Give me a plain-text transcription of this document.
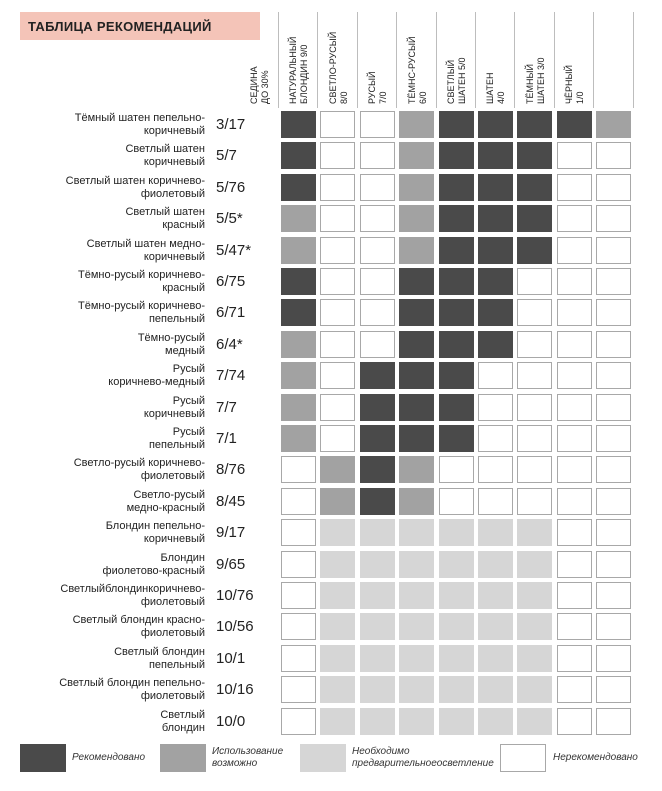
ТАБЛИЦА РЕКОМЕНДАЦИЙ
СЕДИНА ДО 30% НАТУРАЛЬНЫЙ БЛОНДИН 9/0 СВЕТЛО-РУСЫЙ 8/0 РУСЫЙ 7/0 ТЁМНС-РУСЫЙ 6/0 СВЕТЛЫЙ ШАТЕН 5/0 ШАТЕН 4/0 ТЁМНЫЙ ШАТЕН 3/0 ЧЁРНЫЙ 1/0
Тёмный шатен пепельно-
коричневый 3/17
Светлый шатен
коричневый 5/7
Светлый шатен коричнево-
фиолетовый 5/76
Светлый шатен
красный 5/5*
Светлый шатен медно-
коричневый 5/47*
Тёмно-русый коричнево-
красный 6/75
Тёмно-русый коричнево-
пепельный 6/71
Тёмно-русый
медный 6/4*
Русый
коричнево-медный 7/74
Русый
коричневый 7/7
Русый
пепельный 7/1
Светло-русый коричнево-
фиолетовый 8/76
Светло-русый
медно-красный 8/45
Блондин пепельно-
коричневый 9/17
Блондин
фиолетово-красный 9/65
Светлыйблондинкоричнево-
фиолетовый 10/76
Светлый блондин красно-
фиолетовый 10/56
Светлый блондин
пепельный 10/1
Светлый блондин пепельно-
фиолетовый 10/16
Светлый
блондин 10/0
Рекомендовано
Использование
возможно
Необходимо
предварительноеосветление
Нерекомендовано
